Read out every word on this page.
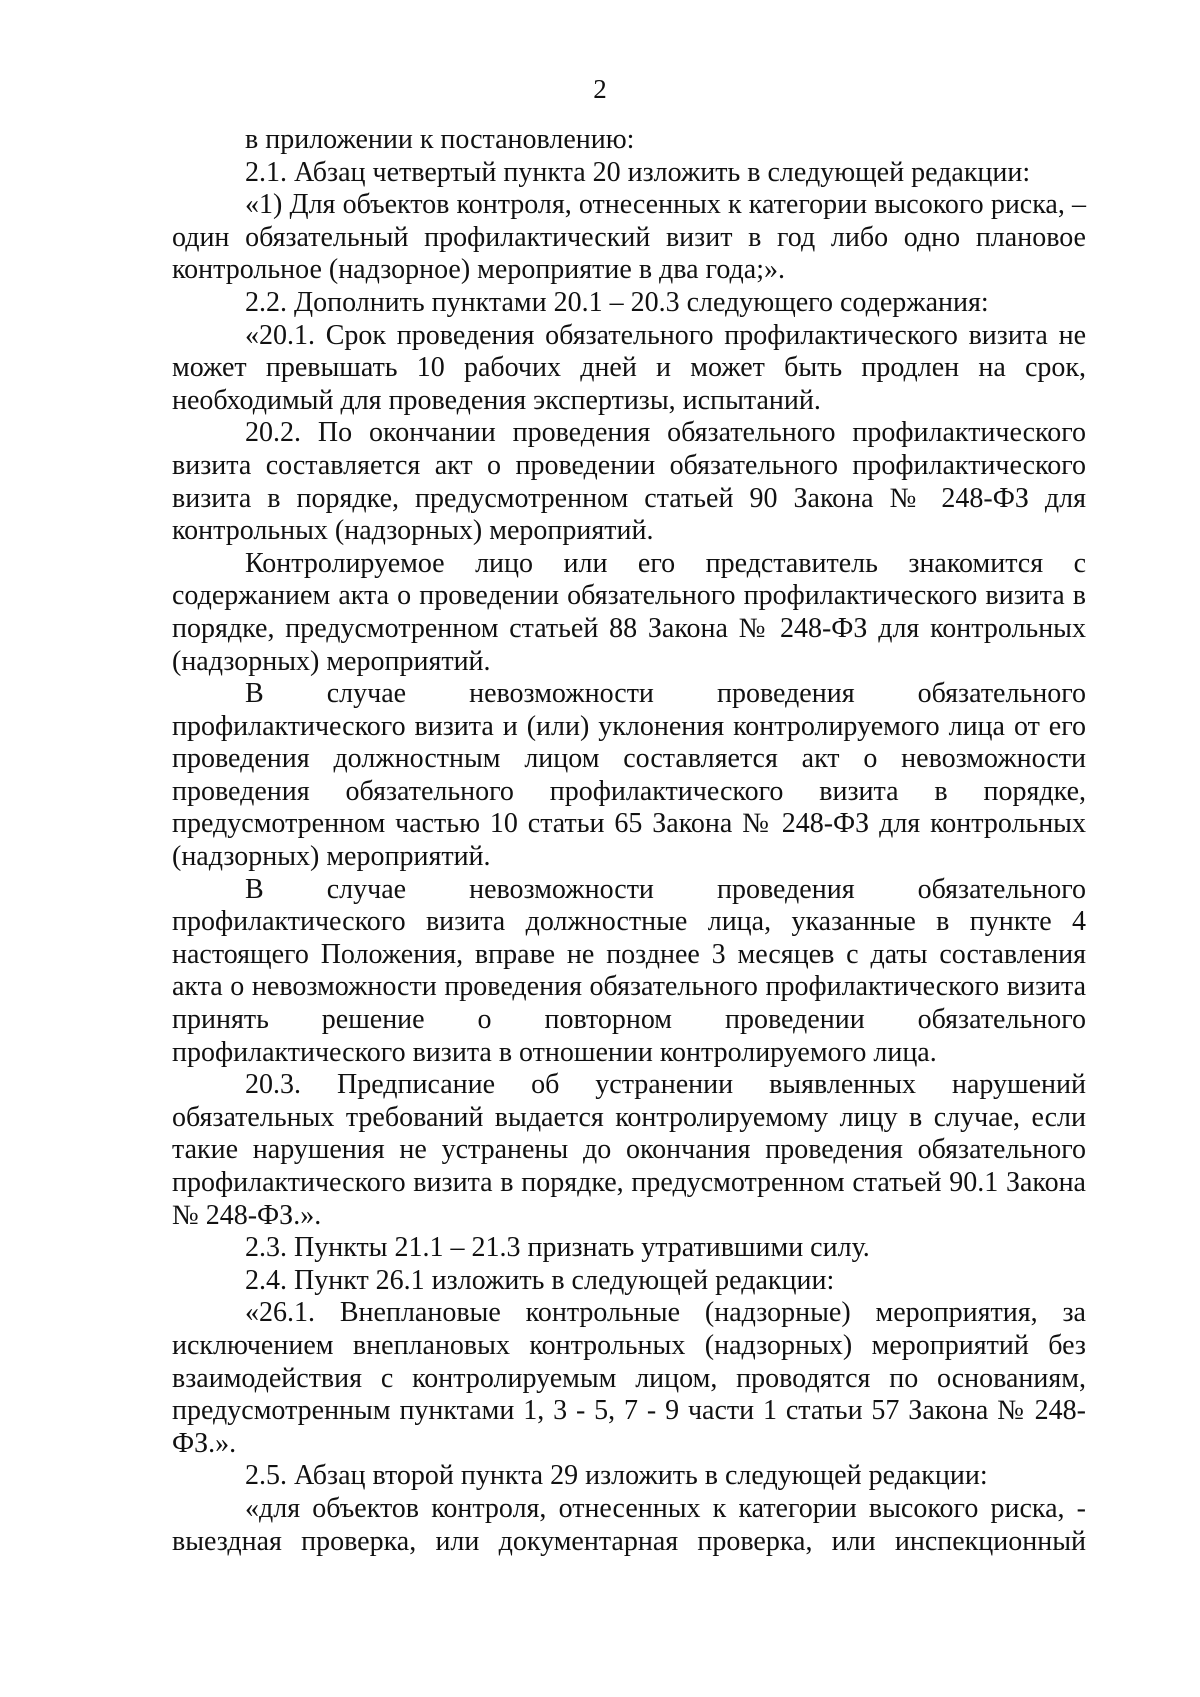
2

в приложении к постановлению:

2.1. Абзац четвертый пункта 20 изложить в следующей редакции:

«1) Для объектов контроля, отнесенных к категории высокого риска, – один обязательный профилактический визит в год либо одно плановое контрольное (надзорное) мероприятие в два года;».

2.2. Дополнить пунктами 20.1 – 20.3 следующего содержания:

«20.1. Срок проведения обязательного профилактического визита не может превышать 10 рабочих дней и может быть продлен на срок, необходимый для проведения экспертизы, испытаний.

20.2. По окончании проведения обязательного профилактического визита составляется акт о проведении обязательного профилактического визита в порядке, предусмотренном статьей 90 Закона № 248-ФЗ для контрольных (надзорных) мероприятий.

Контролируемое лицо или его представитель знакомится с содержанием акта о проведении обязательного профилактического визита в порядке, предусмотренном статьей 88 Закона № 248-ФЗ для контрольных (надзорных) мероприятий.

В случае невозможности проведения обязательного профилактического визита и (или) уклонения контролируемого лица от его проведения должностным лицом составляется акт о невозможности проведения обязательного профилактического визита в порядке, предусмотренном частью 10 статьи 65 Закона № 248-ФЗ для контрольных (надзорных) мероприятий.

В случае невозможности проведения обязательного профилактического визита должностные лица, указанные в пункте 4 настоящего Положения, вправе не позднее 3 месяцев с даты составления акта о невозможности проведения обязательного профилактического визита принять решение о повторном проведении обязательного профилактического визита в отношении контролируемого лица.

20.3. Предписание об устранении выявленных нарушений обязательных требований выдается контролируемому лицу в случае, если такие нарушения не устранены до окончания проведения обязательного профилактического визита в порядке, предусмотренном статьей 90.1 Закона № 248-ФЗ.».

2.3. Пункты 21.1 – 21.3 признать утратившими силу.

2.4. Пункт 26.1 изложить в следующей редакции:

«26.1. Внеплановые контрольные (надзорные) мероприятия, за исключением внеплановых контрольных (надзорных) мероприятий без взаимодействия с контролируемым лицом, проводятся по основаниям, предусмотренным пунктами 1, 3 - 5, 7 - 9 части 1 статьи 57 Закона № 248-ФЗ.».

2.5. Абзац второй пункта 29 изложить в следующей редакции:

«для объектов контроля, отнесенных к категории высокого риска, - выездная проверка, или документарная проверка, или инспекционный
